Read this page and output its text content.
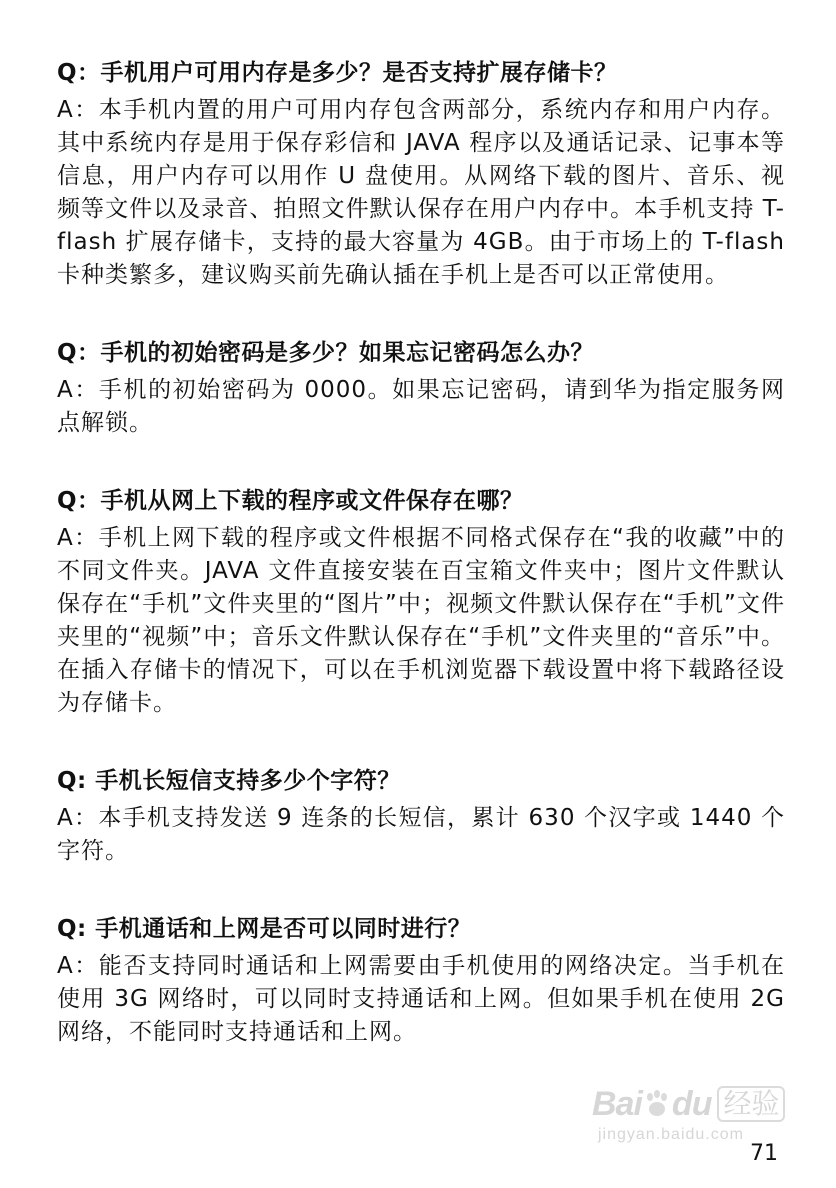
Q：手机用户可用内存是多少？是否支持扩展存储卡？

A：本手机内置的用户可用内存包含两部分，系统内存和用户内存。其中系统内存是用于保存彩信和 JAVA 程序以及通话记录、记事本等信息，用户内存可以用作 U 盘使用。从网络下载的图片、音乐、视频等文件以及录音、拍照文件默认保存在用户内存中。本手机支持 T-flash 扩展存储卡，支持的最大容量为 4GB。由于市场上的 T-flash 卡种类繁多，建议购买前先确认插在手机上是否可以正常使用。

Q：手机的初始密码是多少？如果忘记密码怎么办？

A：手机的初始密码为 0000。如果忘记密码，请到华为指定服务网点解锁。

Q：手机从网上下载的程序或文件保存在哪？

A：手机上网下载的程序或文件根据不同格式保存在“我的收藏”中的不同文件夹。JAVA 文件直接安装在百宝箱文件夹中；图片文件默认保存在“手机”文件夹里的“图片”中；视频文件默认保存在“手机”文件夹里的“视频”中；音乐文件默认保存在“手机”文件夹里的“音乐”中。在插入存储卡的情况下，可以在手机浏览器下载设置中将下载路径设为存储卡。

Q: 手机长短信支持多少个字符？

A：本手机支持发送 9 连条的长短信，累计 630 个汉字或 1440 个字符。

Q: 手机通话和上网是否可以同时进行？

A：能否支持同时通话和上网需要由手机使用的网络决定。当手机在使用 3G 网络时，可以同时支持通话和上网。但如果手机在使用 2G 网络，不能同时支持通话和上网。

Bai du 经验
jingyan.baidu.com
71
